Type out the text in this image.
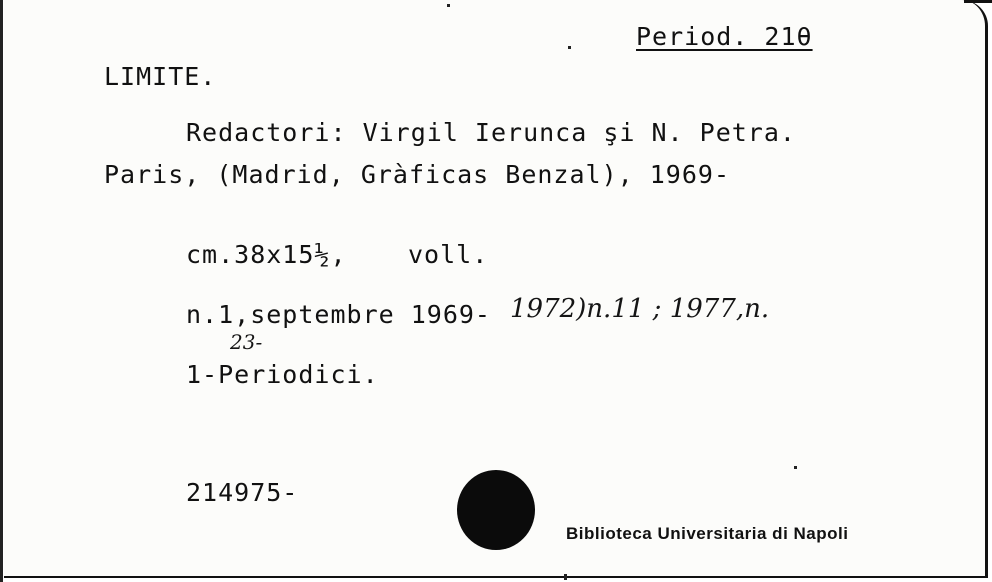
Period. 21θ
LIMITE.
Redactori: Virgil Ierunca şi N. Petra.
Paris, (Madrid, Gràficas Benzal), 1969-
cm.38x15½, voll.
n.1,septembre 1969- 1972)n.11 ; 1977,n.
23-
1-Periodici.
214975-
Biblioteca Universitaria di Napoli
